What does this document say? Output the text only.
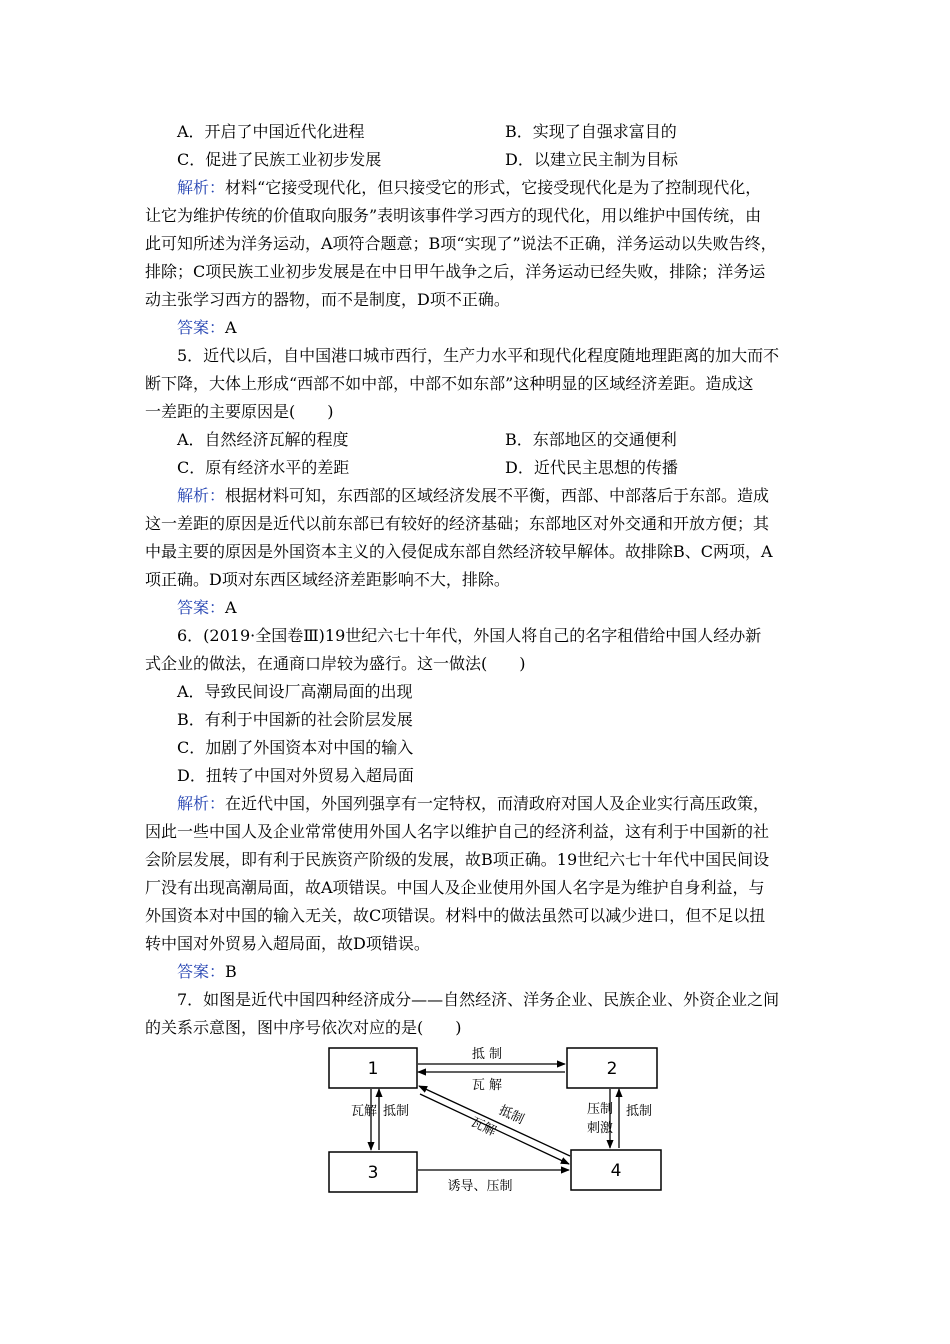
A．开启了中国近代化进程	B．实现了自强求富目的
C．促进了民族工业初步发展	D．以建立民主制为目标
解析：材料“它接受现代化，但只接受它的形式，它接受现代化是为了控制现代化，
让它为维护传统的价值取向服务”表明该事件学习西方的现代化，用以维护中国传统，由
此可知所述为洋务运动，A项符合题意；B项“实现了”说法不正确，洋务运动以失败告终，
排除；C项民族工业初步发展是在中日甲午战争之后，洋务运动已经失败，排除；洋务运
动主张学习西方的器物，而不是制度，D项不正确。
答案：A
5．近代以后，自中国港口城市西行，生产力水平和现代化程度随地理距离的加大而不
断下降，大体上形成“西部不如中部，中部不如东部”这种明显的区域经济差距。造成这
一差距的主要原因是(　　)
A．自然经济瓦解的程度	B．东部地区的交通便利
C．原有经济水平的差距	D．近代民主思想的传播
解析：根据材料可知，东西部的区域经济发展不平衡，西部、中部落后于东部。造成
这一差距的原因是近代以前东部已有较好的经济基础；东部地区对外交通和开放方便；其
中最主要的原因是外国资本主义的入侵促成东部自然经济较早解体。故排除B、C两项，A
项正确。D项对东西区域经济差距影响不大，排除。
答案：A
6．(2019·全国卷Ⅲ)19世纪六七十年代，外国人将自己的名字租借给中国人经办新
式企业的做法，在通商口岸较为盛行。这一做法(　　)
A．导致民间设厂高潮局面的出现
B．有利于中国新的社会阶层发展
C．加剧了外国资本对中国的输入
D．扭转了中国对外贸易入超局面
解析：在近代中国，外国列强享有一定特权，而清政府对国人及企业实行高压政策，
因此一些中国人及企业常常使用外国人名字以维护自己的经济利益，这有利于中国新的社
会阶层发展，即有利于民族资产阶级的发展，故B项正确。19世纪六七十年代中国民间设
厂没有出现高潮局面，故A项错误。中国人及企业使用外国人名字是为维护自身利益，与
外国资本对中国的输入无关，故C项错误。材料中的做法虽然可以减少进口，但不足以扭
转中国对外贸易入超局面，故D项错误。
答案：B
7．如图是近代中国四种经济成分——自然经济、洋务企业、民族企业、外资企业之间
的关系示意图，图中序号依次对应的是(　　)
1	2
3	4
抵 制
瓦 解
瓦解 抵制	压制
刺激
抵制
抵制
瓦解
诱导、压制
